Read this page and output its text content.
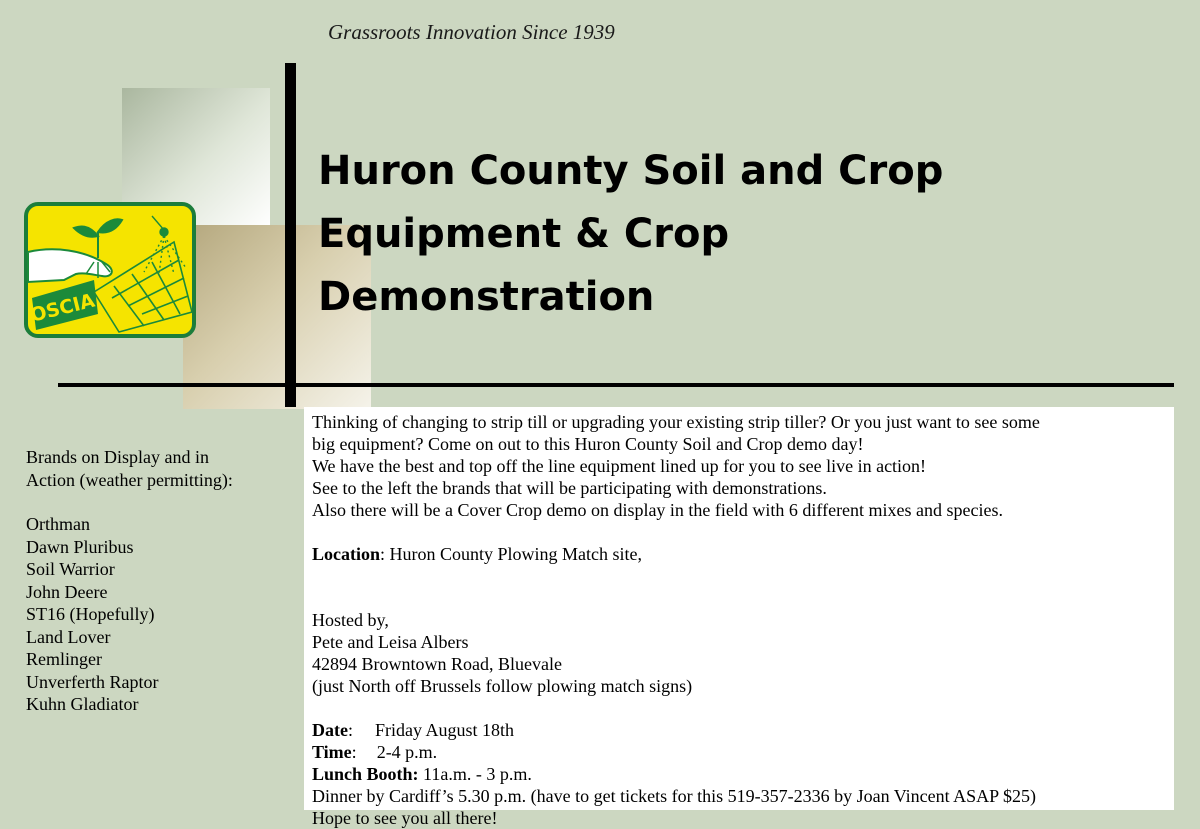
Grassroots Innovation Since 1939
OSCIA
Huron County Soil and Crop
Equipment & Crop
Demonstration
Brands on Display and in
Action (weather permitting):
Orthman
Dawn Pluribus
Soil Warrior
John Deere
ST16 (Hopefully)
Land Lover
Remlinger
Unverferth Raptor
Kuhn Gladiator

Thinking of changing to strip till or upgrading your existing strip tiller? Or you just want to see some

big equipment? Come on out to this Huron County Soil and Crop demo day!

We have the best and top off the line equipment lined up for you to see live in action!

See to the left the brands that will be participating with demonstrations.

Also there will be a Cover Crop demo on display in the field with 6 different mixes and species.

Location: Huron County Plowing Match site,

Hosted by,

Pete and Leisa Albers

42894 Browntown Road, Bluevale

(just North off Brussels follow plowing match signs)

Date: Friday August 18th

Time: 2-4 p.m.

Lunch Booth: 11a.m. - 3 p.m.

Dinner by Cardiff’s 5.30 p.m. (have to get tickets for this 519-357-2336 by Joan Vincent ASAP $25)

Hope to see you all there!
